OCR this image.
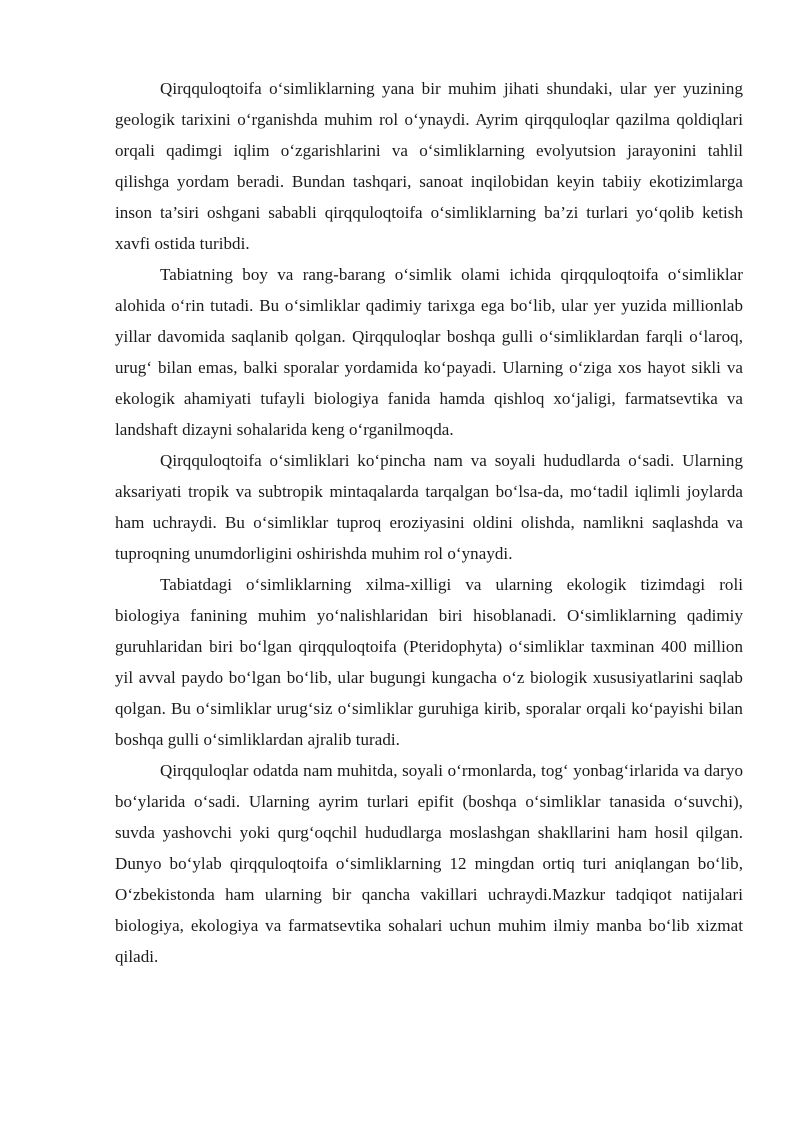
Qirqquloqtoifa o‘simliklarning yana bir muhim jihati shundaki, ular yer yuzining geologik tarixini o‘rganishda muhim rol o‘ynaydi. Ayrim qirqquloqlar qazilma qoldiqlari orqali qadimgi iqlim o‘zgarishlarini va o‘simliklarning evolyutsion jarayonini tahlil qilishga yordam beradi. Bundan tashqari, sanoat inqilobidan keyin tabiiy ekotizimlarga inson ta’siri oshgani sababli qirqquloqtoifa o‘simliklarning ba’zi turlari yo‘qolib ketish xavfi ostida turibdi.

Tabiatning boy va rang-barang o‘simlik olami ichida qirqquloqtoifa o‘simliklar alohida o‘rin tutadi. Bu o‘simliklar qadimiy tarixga ega bo‘lib, ular yer yuzida millionlab yillar davomida saqlanib qolgan. Qirqquloqlar boshqa gulli o‘simliklardan farqli o‘laroq, urug‘ bilan emas, balki sporalar yordamida ko‘payadi. Ularning o‘ziga xos hayot sikli va ekologik ahamiyati tufayli biologiya fanida hamda qishloq xo‘jaligi, farmatsevtika va landshaft dizayni sohalarida keng o‘rganilmoqda.

Qirqquloqtoifa o‘simliklari ko‘pincha nam va soyali hududlarda o‘sadi. Ularning aksariyati tropik va subtropik mintaqalarda tarqalgan bo‘lsa-da, mo‘tadil iqlimli joylarda ham uchraydi. Bu o‘simliklar tuproq eroziyasini oldini olishda, namlikni saqlashda va tuproqning unumdorligini oshirishda muhim rol o‘ynaydi.

Tabiatdagi o‘simliklarning xilma-xilligi va ularning ekologik tizimdagi roli biologiya fanining muhim yo‘nalishlaridan biri hisoblanadi. O‘simliklarning qadimiy guruhlaridan biri bo‘lgan qirqquloqtoifa (Pteridophyta) o‘simliklar taxminan 400 million yil avval paydo bo‘lgan bo‘lib, ular bugungi kungacha o‘z biologik xususiyatlarini saqlab qolgan. Bu o‘simliklar urug‘siz o‘simliklar guruhiga kirib, sporalar orqali ko‘payishi bilan boshqa gulli o‘simliklardan ajralib turadi.

Qirqquloqlar odatda nam muhitda, soyali o‘rmonlarda, tog‘ yonbag‘irlarida va daryo bo‘ylarida o‘sadi. Ularning ayrim turlari epifit (boshqa o‘simliklar tanasida o‘suvchi), suvda yashovchi yoki qurg‘oqchil hududlarga moslashgan shakllarini ham hosil qilgan. Dunyo bo‘ylab qirqquloqtoifa o‘simliklarning 12 mingdan ortiq turi aniqlangan bo‘lib, O‘zbekistonda ham ularning bir qancha vakillari uchraydi.Mazkur tadqiqot natijalari biologiya, ekologiya va farmatsevtika sohalari uchun muhim ilmiy manba bo‘lib xizmat qiladi.
